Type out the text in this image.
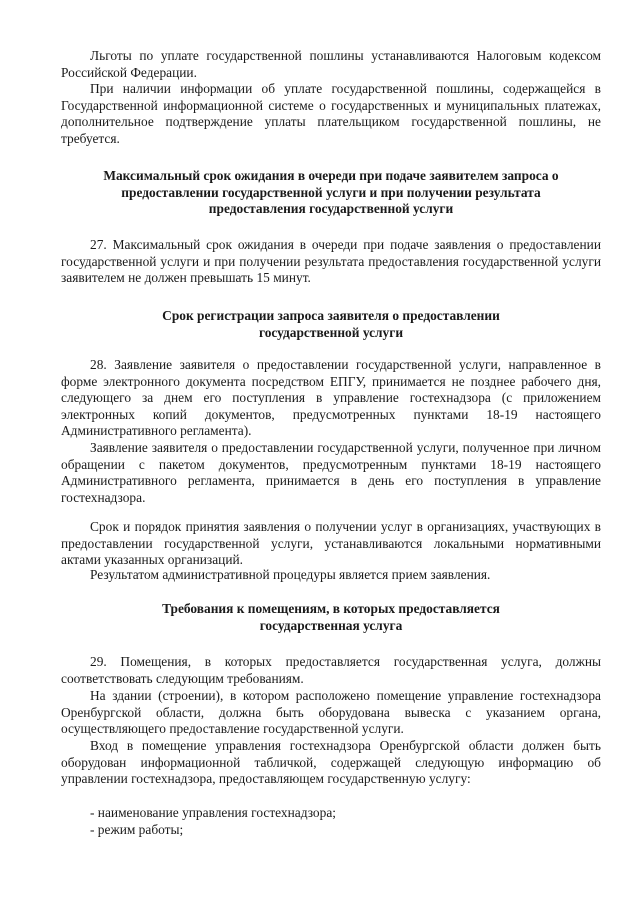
Льготы по уплате государственной пошлины устанавливаются Налоговым кодексом Российской Федерации.

При наличии информации об уплате государственной пошлины, содержащейся в Государственной информационной системе о государственных и муниципальных платежах, дополнительное подтверждение уплаты плательщиком государственной пошлины, не требуется.

Максимальный срок ожидания в очереди при подаче заявителем запроса о предоставлении государственной услуги и при получении результата предоставления государственной услуги

27. Максимальный срок ожидания в очереди при подаче заявления о предоставлении государственной услуги и при получении результата предоставления государственной услуги заявителем не должен превышать 15 минут.

Срок регистрации запроса заявителя о предоставлении государственной услуги

28. Заявление заявителя о предоставлении государственной услуги, направленное в форме электронного документа посредством ЕПГУ, принимается не позднее рабочего дня, следующего за днем его поступления в управление гостехнадзора (с приложением электронных копий документов, предусмотренных пунктами 18-19 настоящего Административного регламента).

Заявление заявителя о предоставлении государственной услуги, полученное при личном обращении с пакетом документов, предусмотренным пунктами 18-19 настоящего Административного регламента, принимается в день его поступления в управление гостехнадзора.

Срок и порядок принятия заявления о получении услуг в организациях, участвующих в предоставлении государственной услуги, устанавливаются локальными нормативными актами указанных организаций.

Результатом административной процедуры является прием заявления.

Требования к помещениям, в которых предоставляется государственная услуга

29. Помещения, в которых предоставляется государственная услуга, должны соответствовать следующим требованиям.

На здании (строении), в котором расположено помещение управление гостехнадзора Оренбургской области, должна быть оборудована вывеска с указанием органа, осуществляющего предоставление государственной услуги.

Вход в помещение управления гостехнадзора Оренбургской области должен быть оборудован информационной табличкой, содержащей следующую информацию об управлении гостехнадзора, предоставляющем государственную услугу:

- наименование управления гостехнадзора;

- режим работы;
